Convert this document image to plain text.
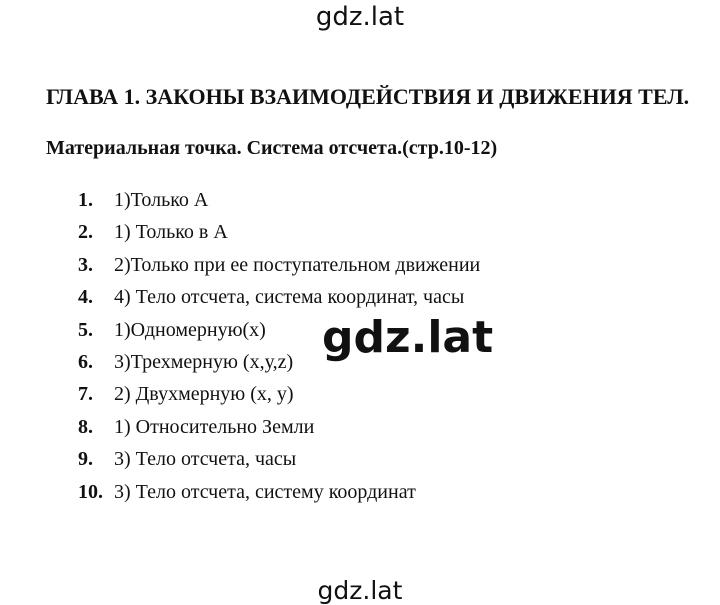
gdz.lat
ГЛАВА 1. ЗАКОНЫ ВЗАИМОДЕЙСТВИЯ И ДВИЖЕНИЯ ТЕЛ.
Материальная точка. Система отсчета.(стр.10-12)
1. 1)Только А
2. 1) Только в А
3. 2)Только при ее поступательном движении
4. 4) Тело отсчета, система координат, часы
5. 1)Одномерную(х)
6. 3)Трехмерную (х,у,z)
7. 2) Двухмерную (х, у)
8. 1) Относительно Земли
9. 3) Тело отсчета, часы
10. 3) Тело отсчета, систему координат
gdz.lat
gdz.lat
